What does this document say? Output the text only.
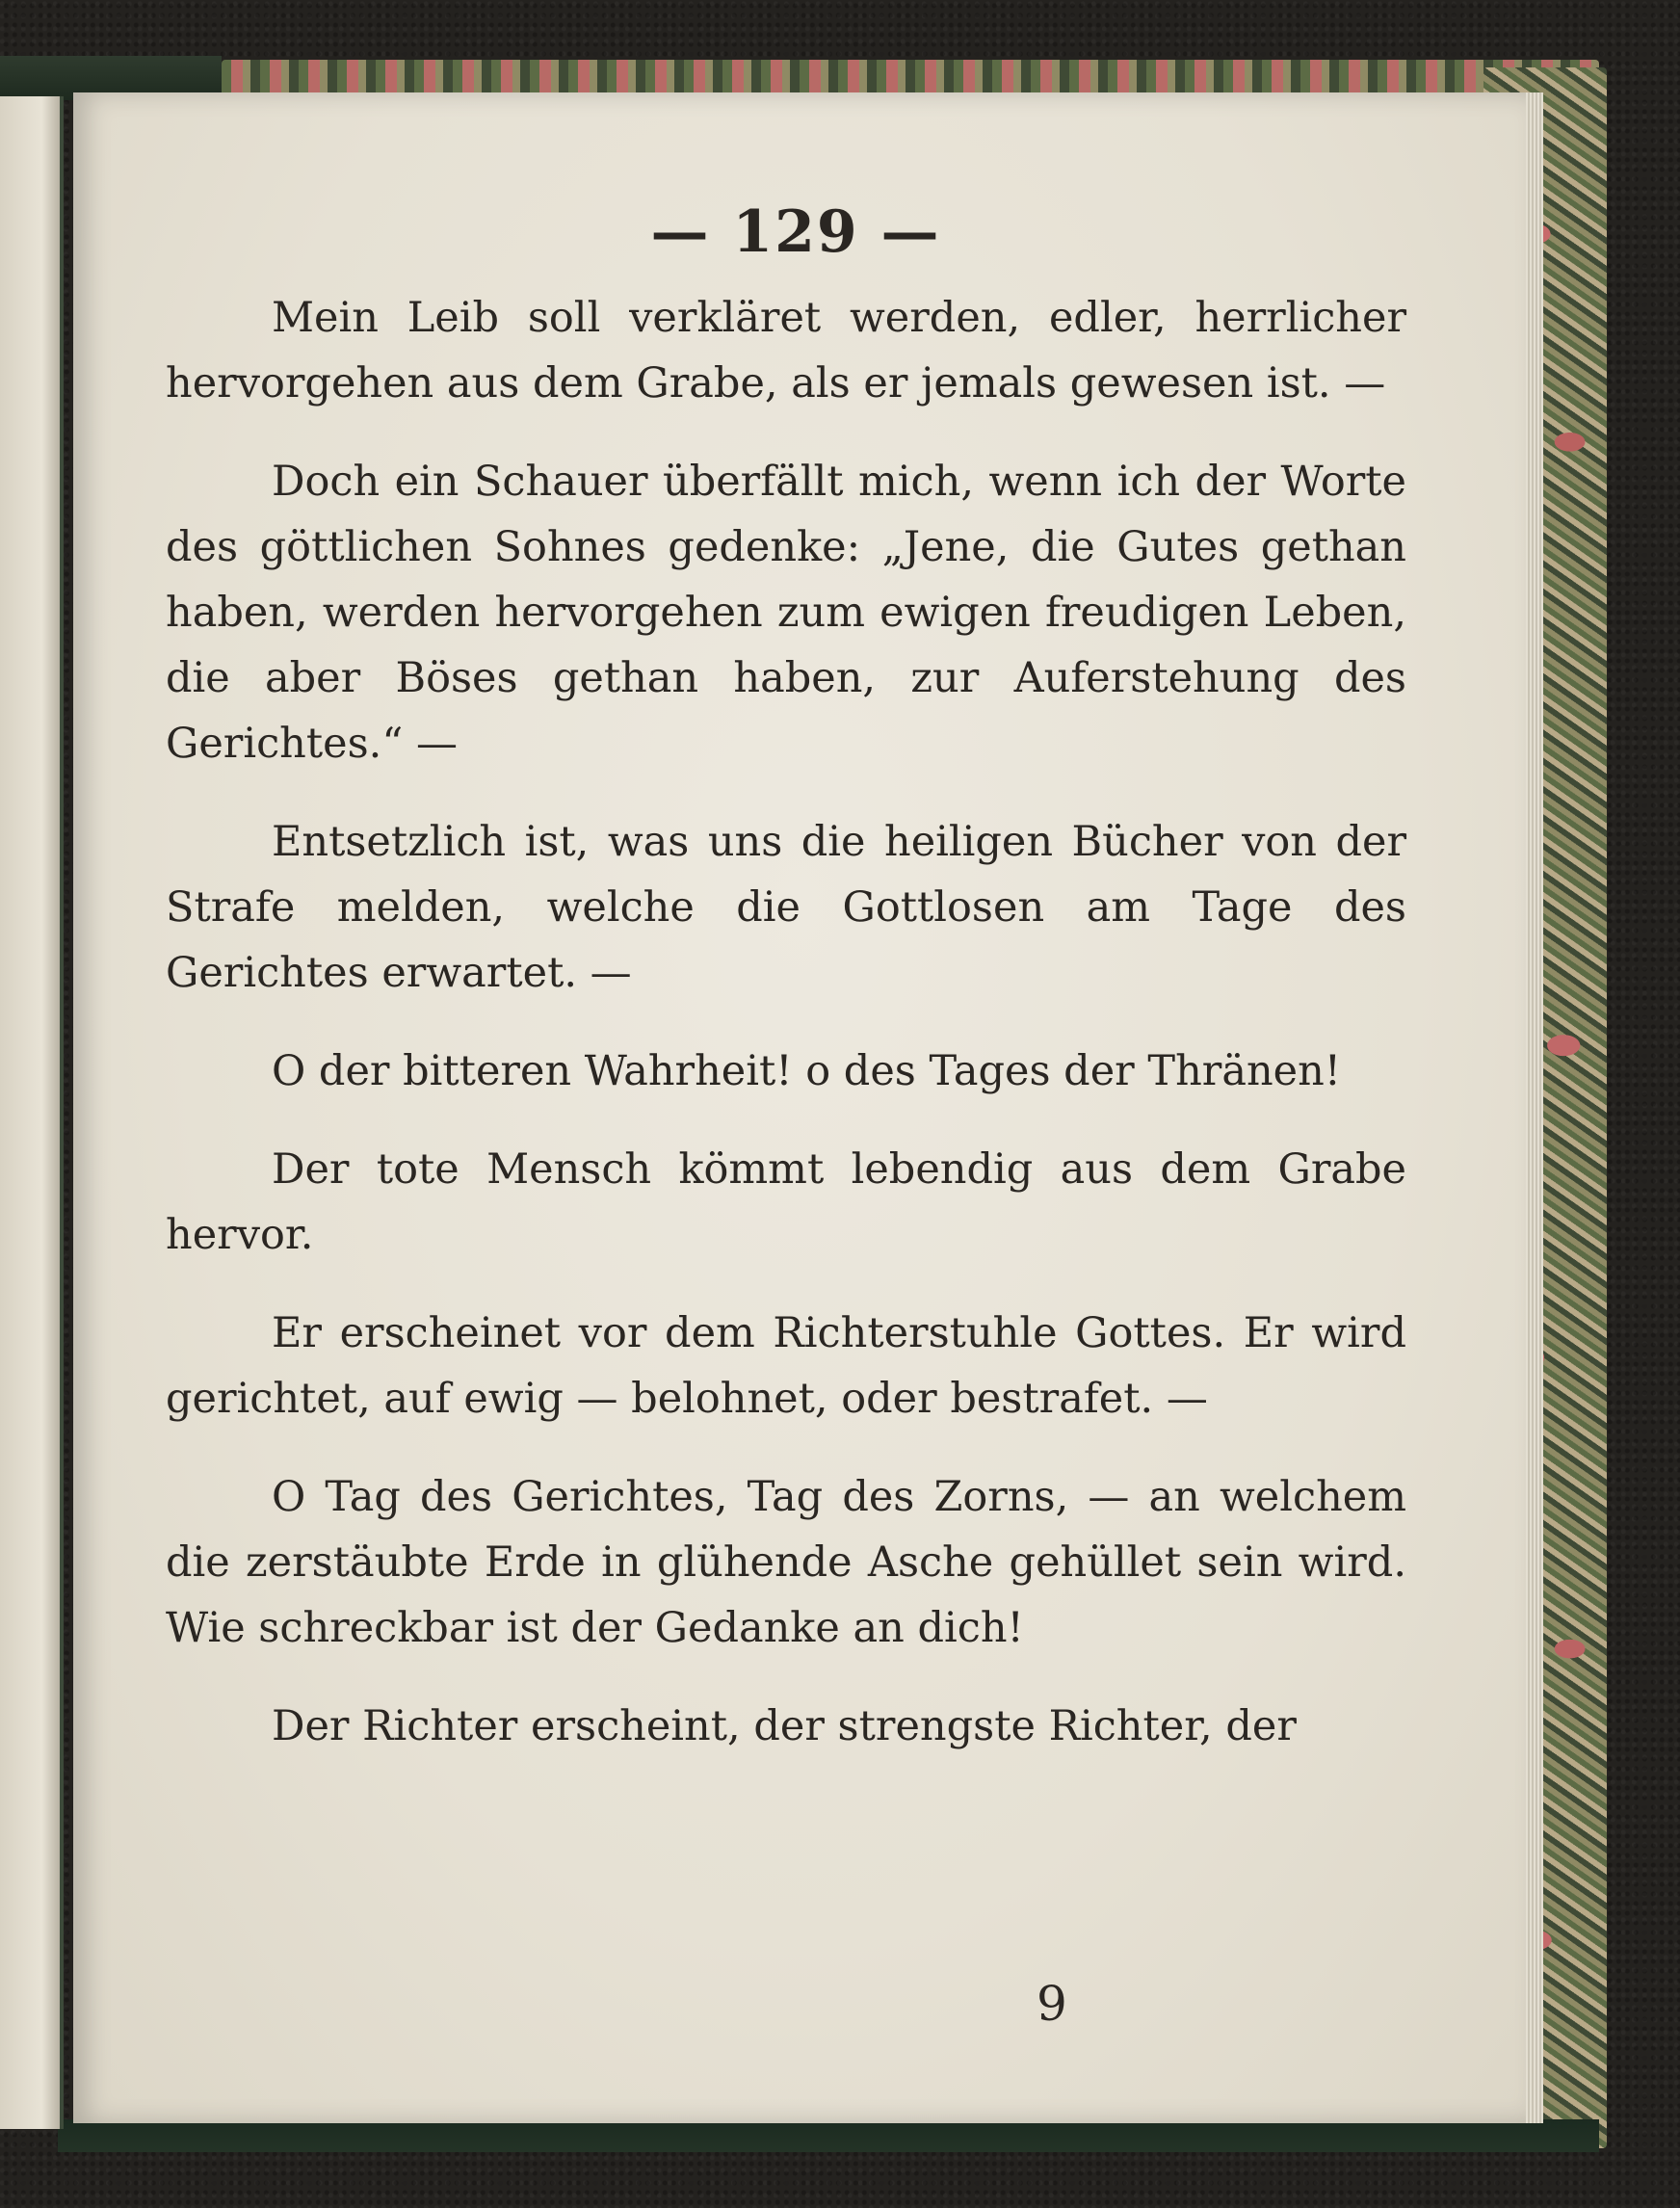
— 129 —

Mein Leib soll verkläret werden, edler, herrlicher hervorgehen aus dem Grabe, als er jemals gewesen ist. —

Doch ein Schauer überfällt mich, wenn ich der Worte des göttlichen Sohnes gedenke: „Jene, die Gutes gethan haben, werden hervorgehen zum ewigen freudigen Leben, die aber Böses gethan haben, zur Auferstehung des Gerichtes.“ —

Entsetzlich ist, was uns die heiligen Bücher von der Strafe melden, welche die Gottlosen am Tage des Gerichtes erwartet. —

O der bitteren Wahrheit! o des Tages der Thränen!

Der tote Mensch kömmt lebendig aus dem Grabe hervor.

Er erscheinet vor dem Richterstuhle Gottes. Er wird gerichtet, auf ewig — belohnet, oder bestrafet. —

O Tag des Gerichtes, Tag des Zorns, — an welchem die zerstäubte Erde in glühende Asche gehüllet sein wird. Wie schreckbar ist der Gedanke an dich!

Der Richter erscheint, der strengste Richter, der

9
